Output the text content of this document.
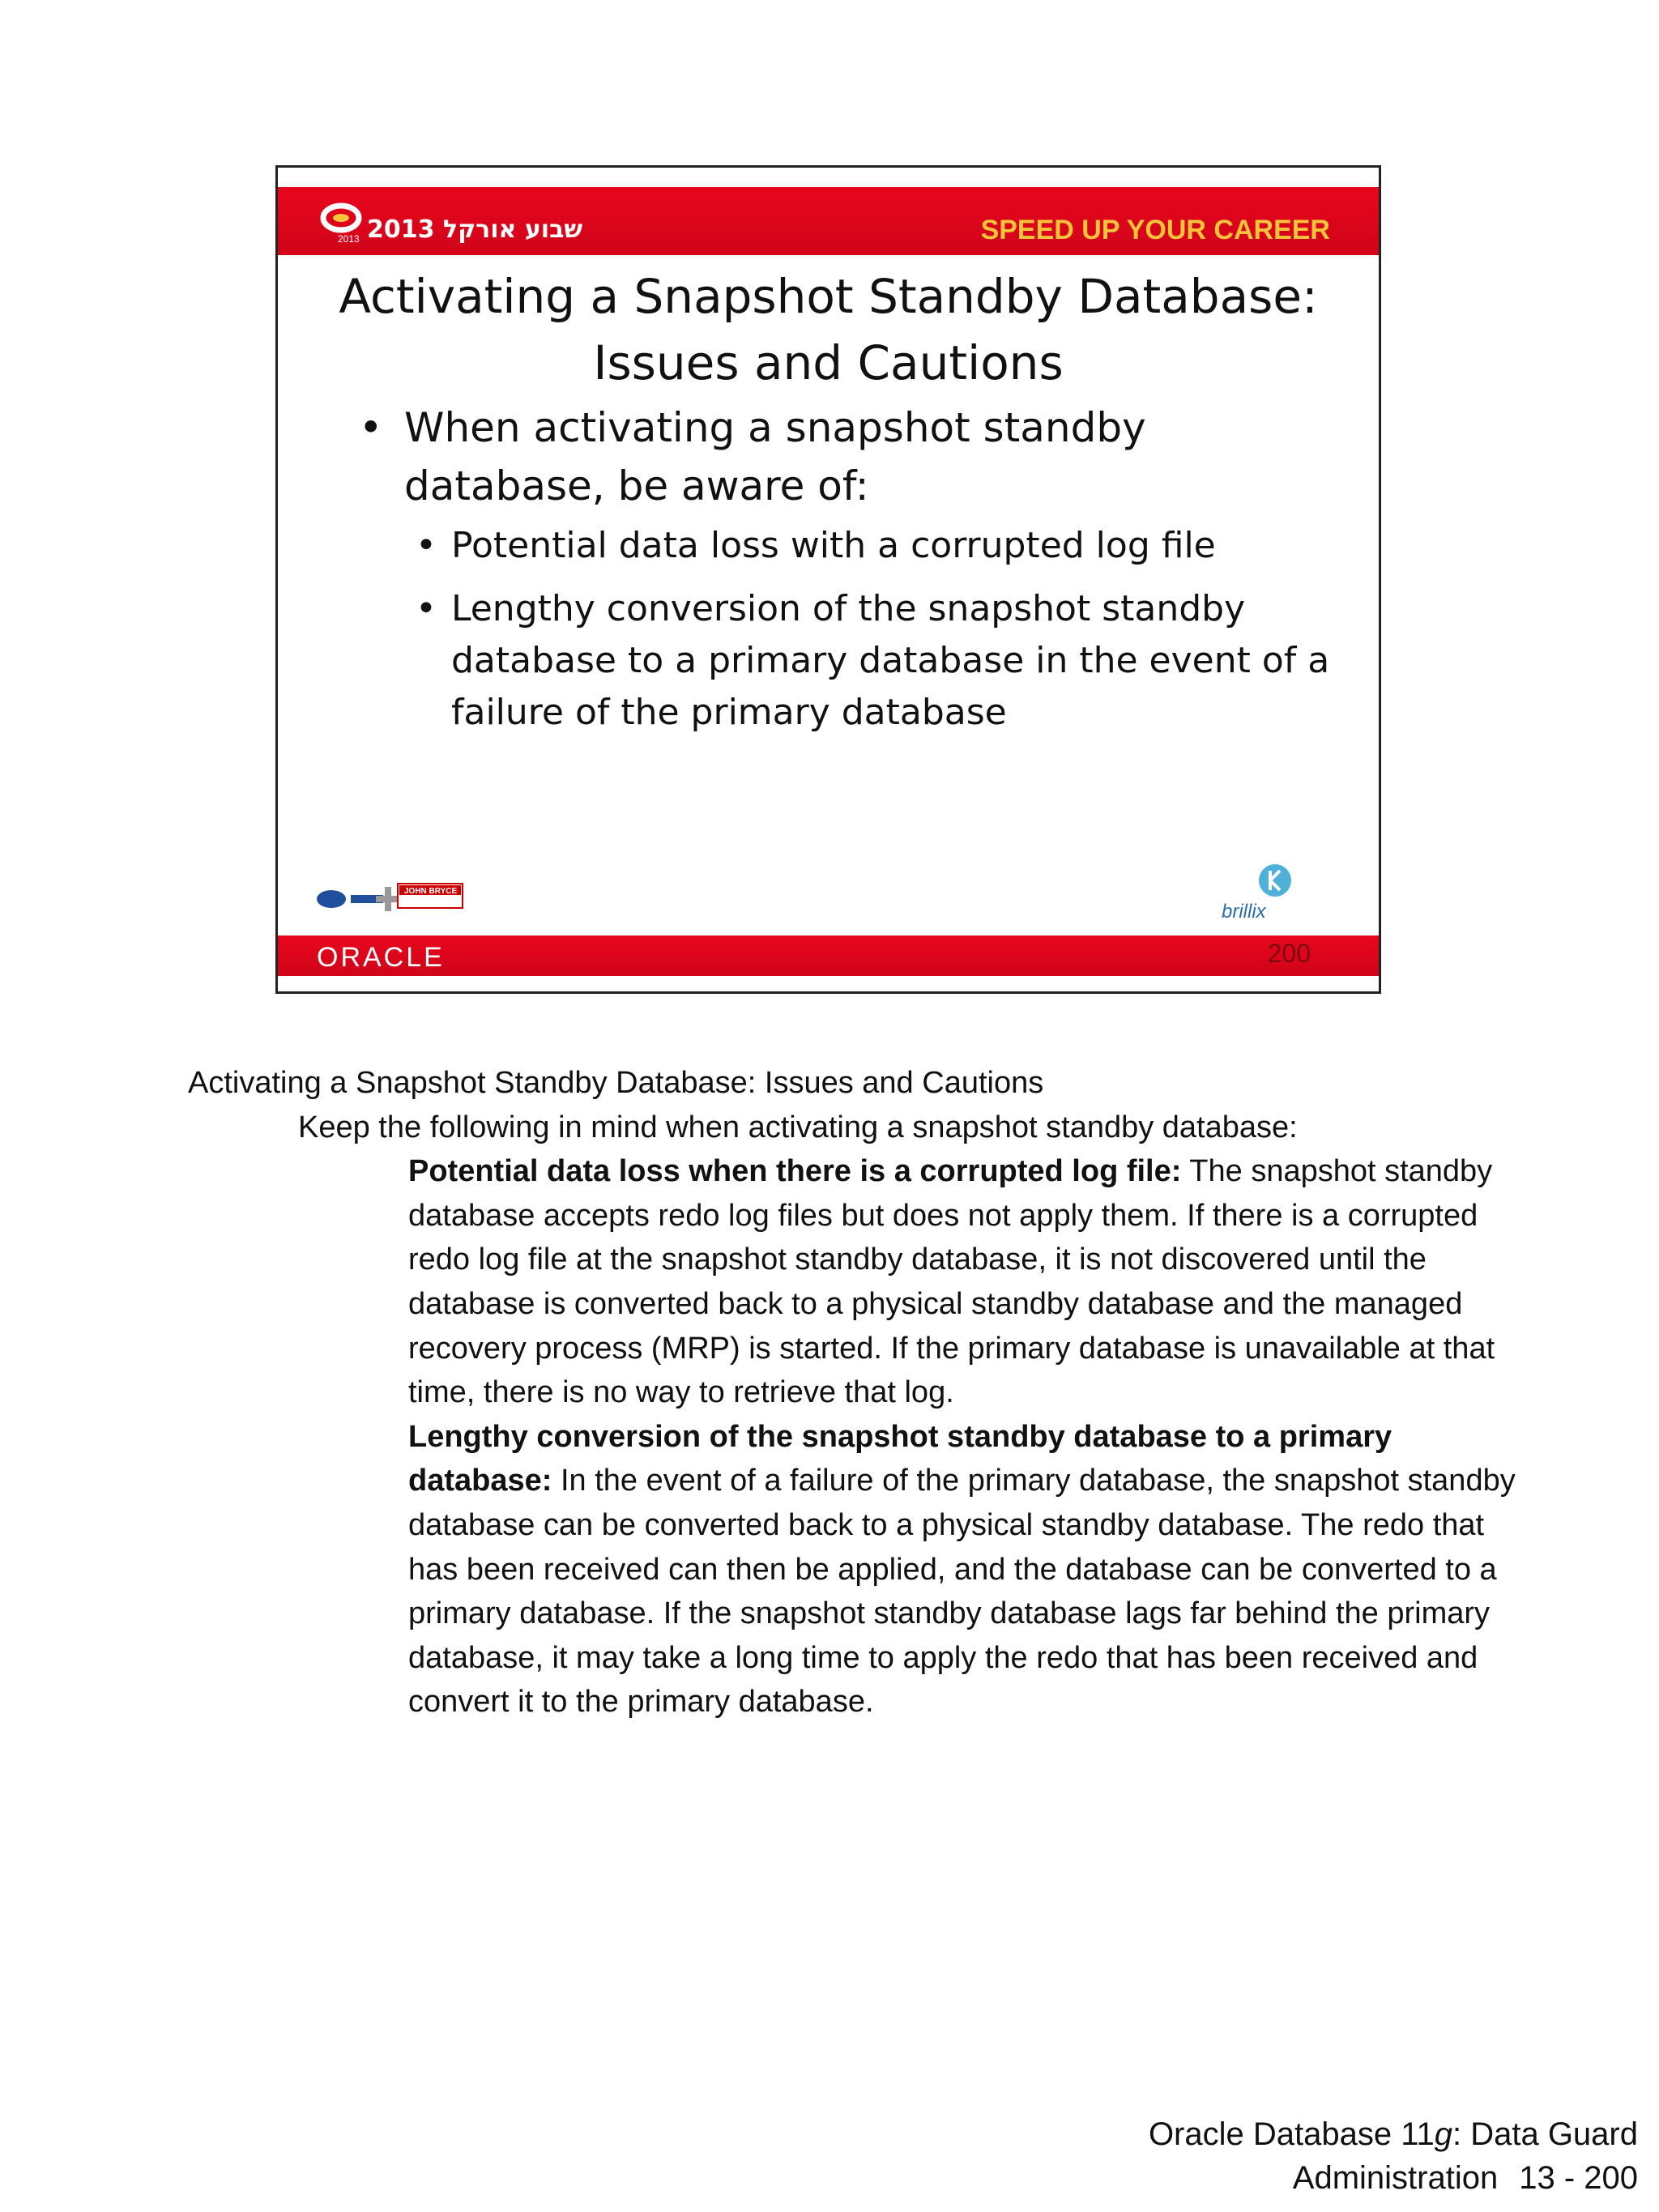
2013 שבוע אורקל 2013	SPEED UP YOUR CAREER
Activating a Snapshot Standby Database:
Issues and Cautions
• When activating a snapshot standby database, be aware of:
• Potential data loss with a corrupted log file
• Lengthy conversion of the snapshot standby database to a primary database in the event of a failure of the primary database
JOHN BRYCE
brillix
ORACLE	200

Activating a Snapshot Standby Database: Issues and Cautions

Keep the following in mind when activating a snapshot standby database:

Potential data loss when there is a corrupted log file: The snapshot standby database accepts redo log files but does not apply them. If there is a corrupted redo log file at the snapshot standby database, it is not discovered until the database is converted back to a physical standby database and the managed recovery process (MRP) is started. If the primary database is unavailable at that time, there is no way to retrieve that log.

Lengthy conversion of the snapshot standby database to a primary database: In the event of a failure of the primary database, the snapshot standby database can be converted back to a physical standby database. The redo that has been received can then be applied, and the database can be converted to a primary database. If the snapshot standby database lags far behind the primary database, it may take a long time to apply the redo that has been received and convert it to the primary database.

Oracle Database 11g: Data Guard
Administration 13 - 200
